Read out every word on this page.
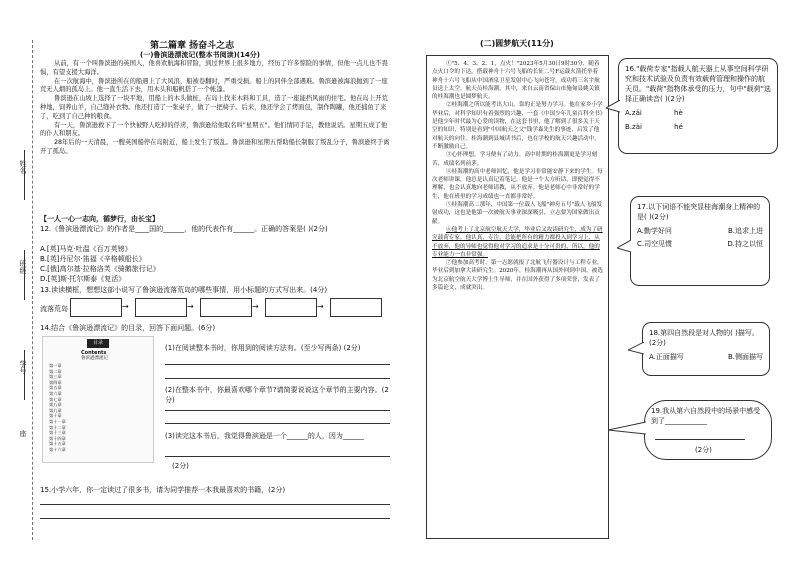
姓名
班级
学号
座
第二篇章 扬奋斗之志
(一)鲁滨逊漂流记(整本书阅读)(14分)

从前，有一个叫鲁滨逊的英国人，他喜欢航海和冒险，到过世界上很多地方，经历了许多惊险的事情，但他一点儿也不畏惧，有望支援大海洋。

在一次航海中，鲁滨逊所在的船遇上了大风浪，船被卷翻时，严重受损。船上的同伴全部遇难。鲁滨逊被海浪抛到了一座荒无人烟的孤岛上。他一直生活下去，用木头和船帆搭了一个帐篷。

鲁滨逊在山坡上选择了一块平地，用船上的木头做桩，在岛上找来木料和工具，造了一座能挡风雨的住宅。他在岛上开荒种地，饲养山羊，自己缝补衣物。他还打造了一张桌子，做了一把椅子。后来，他还学会了烤面包，制作陶罐，他还捕鱼了来了，吃到了自己种的粮食。

有一天，鲁滨逊救下了一个快被野人吃掉的俘虏，鲁滨逊给他取名叫"星期五"。他们情同手足，教他说话。星期五成了他的仆人和朋友。

28年后的一天清晨，一艘英国船停在岛附近，船上发生了叛乱。鲁滨逊和星期五帮助船长制服了叛乱分子，鲁滨逊终于离开了孤岛。

【一人一心一志向，循梦行，由长宝】
12.《鲁滨逊漂流记》的作者是____国的______，他的代表作有______。正确的答案是( )(2分)
A.[英]马克·吐温《百万英镑》
B.[英]丹尼尔·笛福《辛格顿船长》
C.[俄]高尔基·拉格洛芙《骑鹅旅行记》
D.[英]斯·托尔斯泰《复活》
13.读读横框，想想这部小说写了鲁滨逊流落荒岛的哪些事情，用小标题的方式写出来。(4分)
流落荒岛	→	→	→	→
14.结合《鲁滨逊漂流记》的目录，回答下面问题。(6分)
目录
Contents
鲁滨逊漂流记
第一章
第二章
第三章
第四章
第五章
第六章
第七章
第八章
第九章
第十章
第十一章
第十二章
第十三章
第十四章
第十五章
第十六章
(1)在阅读整本书时，你用到的阅读方法有。(至少写两条) (2分)
(2)在整本书中，你最喜欢哪个章节?请简要说说这个章节的主要内容。(2分)
(3)读完这本书后，我觉得鲁滨逊是一个______的人，因为______
(2分)
15.小学六年，你一定读过了很多书，请为同学推荐一本我最喜欢的书籍，(2分)
(二)圆梦航天(11分)

①"5、4、3、2、1，点火！"2023年5月30日9时30分，随着点火口令的下达，搭载神舟十六号飞船的长征二号F运载火箭托举着神舟十六号飞船从中国酒泉卫星发射中心飞向苍穹，成功将三名宇航员送上太空。航天员桂海潮，其中，来自云南省保山市施甸县姚关镇的桂海潮也是圆梦航天。

②桂海潮之所以能考出大山，靠的正是努力学习。他在家乡小学毕业后，对科学知识有着强烈的兴趣，一套《中国少年儿童百科全书》是他少年时代最为心爱的读物，在这套书里，他了解到了很多关于天空的知识，特别是看到"中国航天之父"钱学森先生的事迹，启发了他对航天的向往。桂海潮到县城读书后，也在学校的航天兴趣活动中，不断激励自己。

③心怀理想，学习便有了动力。高中时期的桂海潮更是学习刻苦，成绩名列前茅。

④桂海潮的高中老师回忆，他是学习非常能安静下来的学生。每次老师讲课，他总是认真记着笔记。他是一个大方听话，即便觉得不理解，也会认真地向老师请教，从不放弃。他是老师心中非常好的学生，他在班里的学习成绩也一直都非常好。

⑤桂海潮高二那年，中国第一位载人飞船"神舟五号"载人飞船发射成功，这也是他第一次被航天事业深深吸引，立志要为国家做出贡献。

⑥他考上了北京航空航天大学，毕业后又攻读研究生，成为了研究载荷专家。他认真、专注，总能把所有的精力都投入到学习上，从不放弃，他的导师也觉得他对学习的追求是十分可贵的，所以，他的专业能力一直非常强。

⑦他参加高考时，第一志愿就报了北航飞行器设计与工程专业，毕业后到加拿大读研究生。2020年，桂海潮再从国外回到中国，被选为北京航空航天大学博士生导师，并在国外获得了多项荣誉，发表了多篇论文，成就突出。

16."载荷专家"指载人航天器上从事空间科学研究和技术试验及负责有效载荷管理和操作的航天员。"载荷"指物体承受的压力，句中"载荷"选择正确读音( )(2分)
A.zǎi	hè
B.zài	hé
17.以下词语不能突显桂海潮身上精神的是( )(2分)
A.勤学好问	B.追求上进
C.司空见惯	D.持之以恒
18.第四自然段是对人物的( )描写。(2分)
A.正面描写	B.侧面描写
19.我从第六自然段中的场景中感受到了____________
(2分)
